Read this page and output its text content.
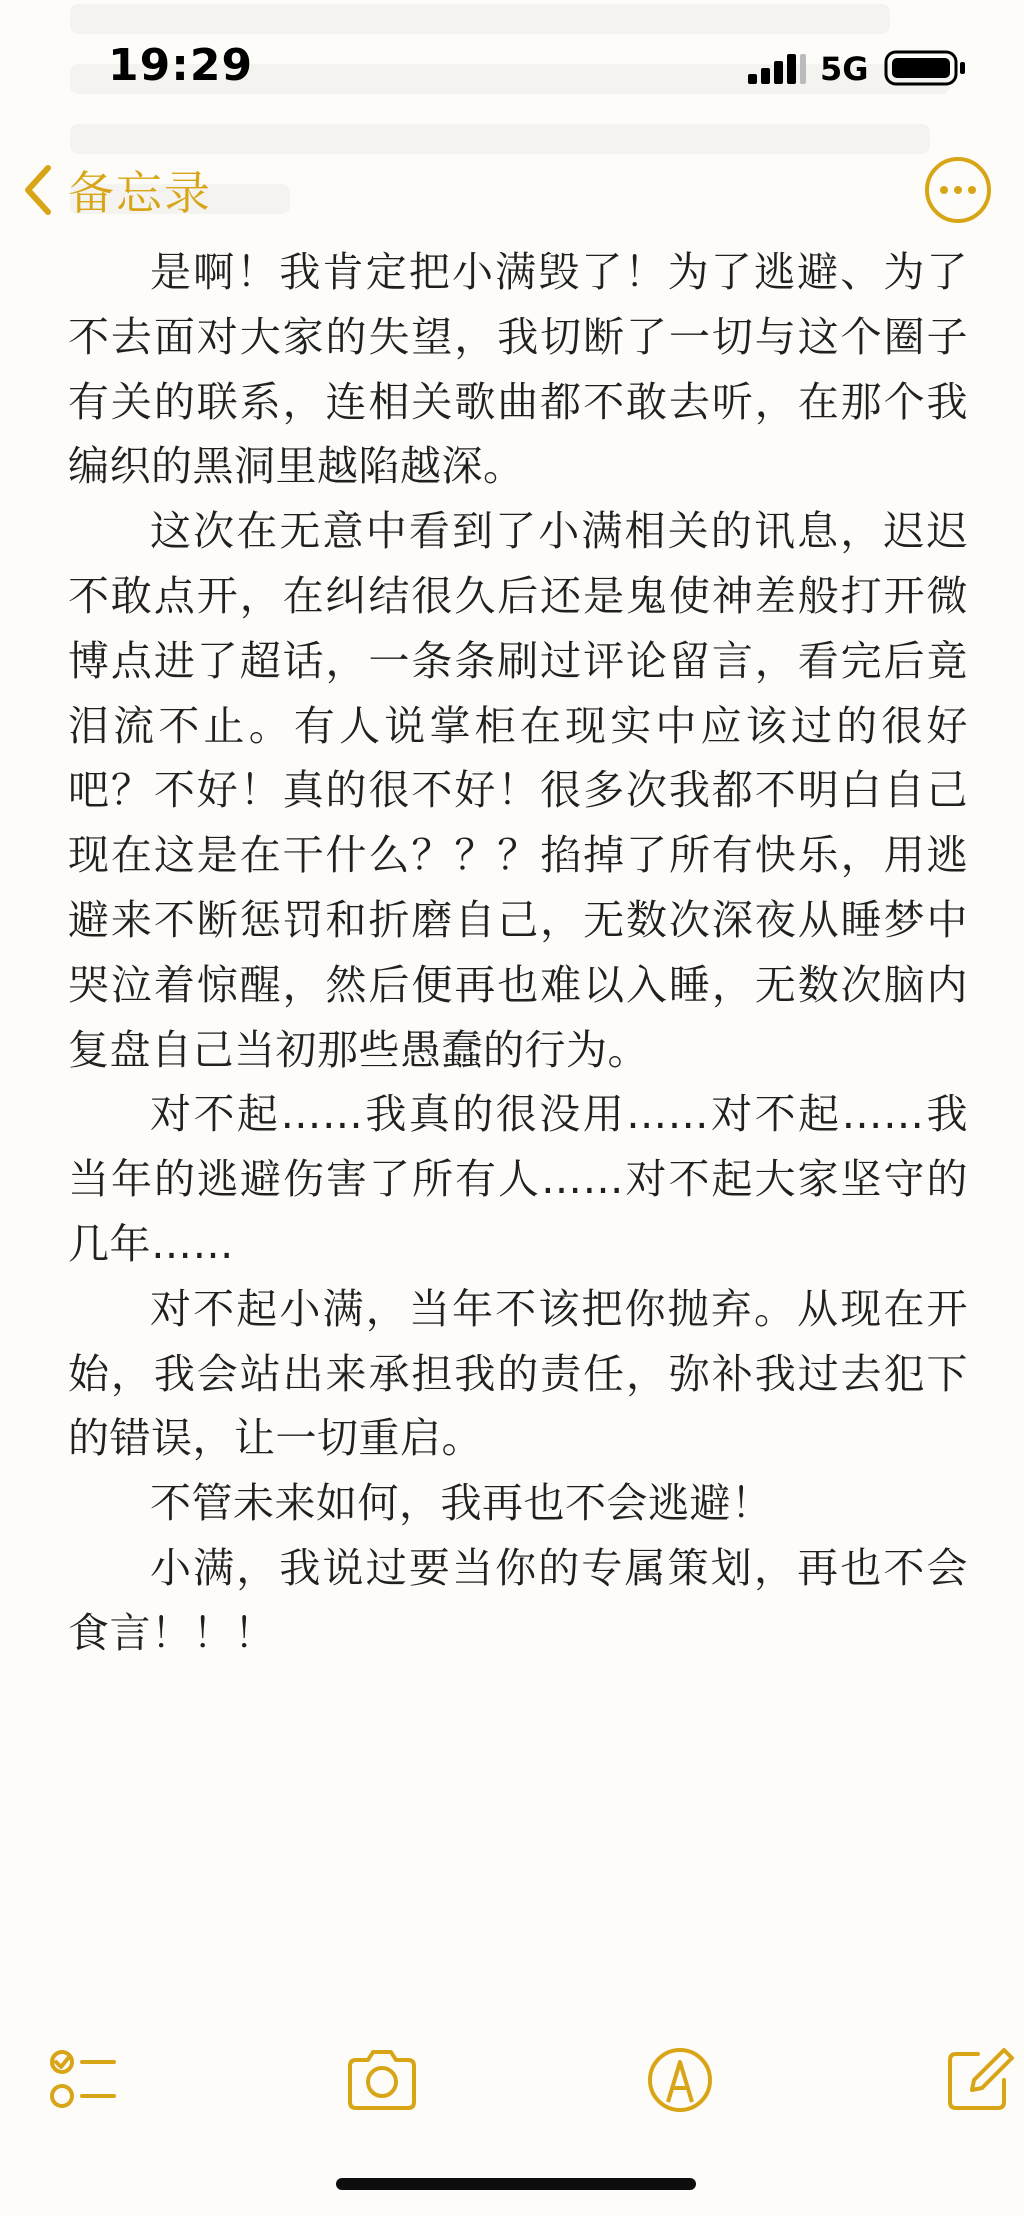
19:29	5G
备忘录

是啊！我肯定把小满毁了！为了逃避、为了不去面对大家的失望，我切断了一切与这个圈子有关的联系，连相关歌曲都不敢去听，在那个我编织的黑洞里越陷越深。

这次在无意中看到了小满相关的讯息，迟迟不敢点开，在纠结很久后还是鬼使神差般打开微博点进了超话，一条条刷过评论留言，看完后竟泪流不止。有人说掌柜在现实中应该过的很好吧？不好！真的很不好！很多次我都不明白自己现在这是在干什么？？？掐掉了所有快乐，用逃避来不断惩罚和折磨自己，无数次深夜从睡梦中哭泣着惊醒，然后便再也难以入睡，无数次脑内复盘自己当初那些愚蠢的行为。

对不起……我真的很没用……对不起……我当年的逃避伤害了所有人……对不起大家坚守的几年……

对不起小满，当年不该把你抛弃。从现在开始，我会站出来承担我的责任，弥补我过去犯下的错误，让一切重启。

不管未来如何，我再也不会逃避！

小满，我说过要当你的专属策划，再也不会食言！！！
